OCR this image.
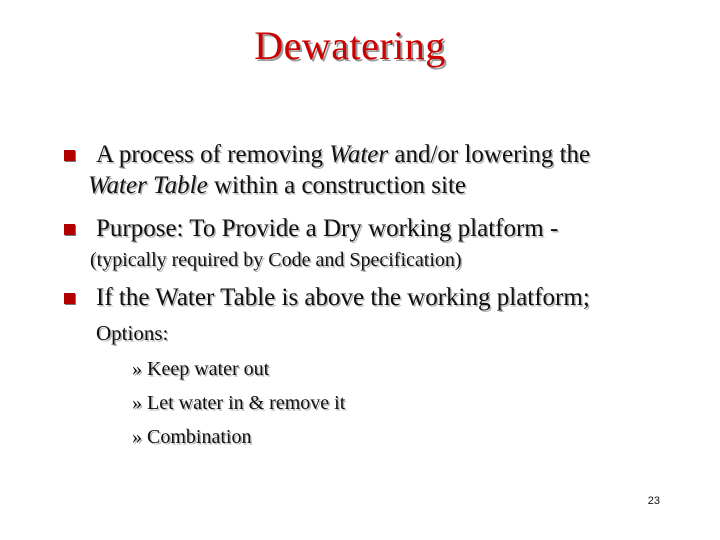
Dewatering
A process of removing Water and/or lowering the
Water Table within a construction site
Purpose: To Provide a Dry working platform -
(typically required by Code and Specification)
If the Water Table is above the working platform;
Options:
» Keep water out
» Let water in & remove it
» Combination
23
